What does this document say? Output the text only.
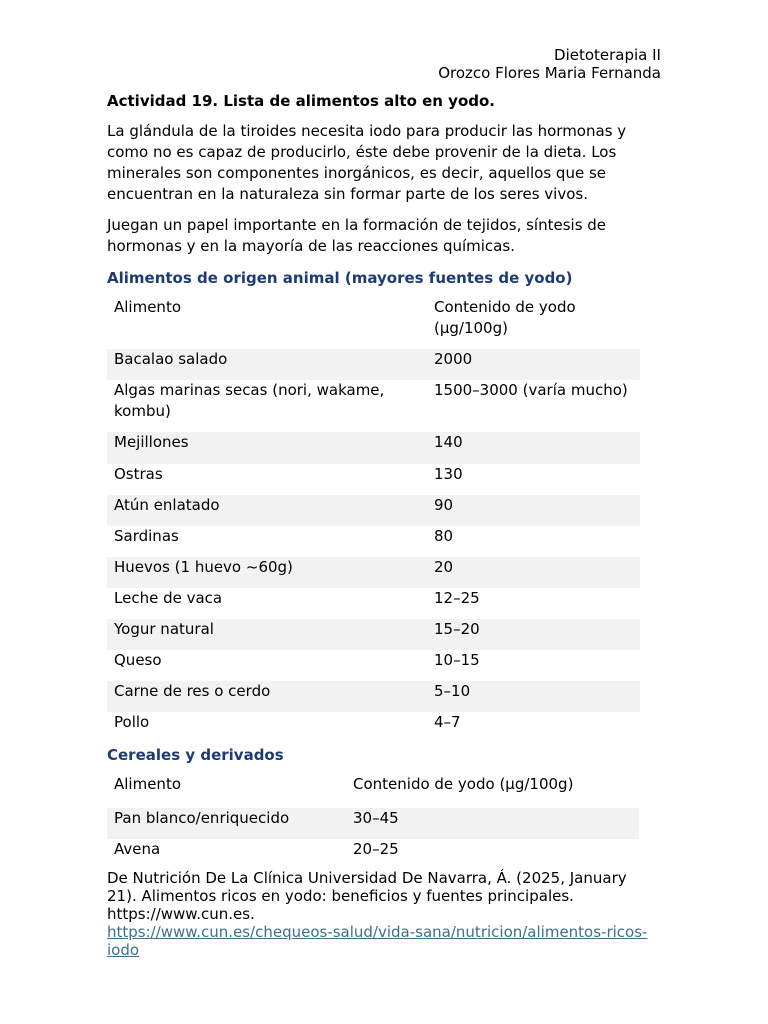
Dietoterapia II
Orozco Flores Maria Fernanda
Actividad 19. Lista de alimentos alto en yodo.

La glándula de la tiroides necesita iodo para producir las hormonas y como no es capaz de producirlo, éste debe provenir de la dieta. Los minerales son componentes inorgánicos, es decir, aquellos que se encuentran en la naturaleza sin formar parte de los seres vivos.

Juegan un papel importante en la formación de tejidos, síntesis de hormonas y en la mayoría de las reacciones químicas.

Alimentos de origen animal (mayores fuentes de yodo)
Alimento	Contenido de yodo (µg/100g)
Bacalao salado	2000
Algas marinas secas (nori, wakame, kombu)	1500–3000 (varía mucho)
Mejillones	140
Ostras	130
Atún enlatado	90
Sardinas	80
Huevos (1 huevo ~60g)	20
Leche de vaca	12–25
Yogur natural	15–20
Queso	10–15
Carne de res o cerdo	5–10
Pollo	4–7
Cereales y derivados
Alimento	Contenido de yodo (µg/100g)
Pan blanco/enriquecido	30–45
Avena	20–25
De Nutrición De La Clínica Universidad De Navarra, Á. (2025, January 21). Alimentos ricos en yodo: beneficios y fuentes principales. https://www.cun.es.
https://www.cun.es/chequeos-salud/vida-sana/nutricion/alimentos-ricos-iodo
